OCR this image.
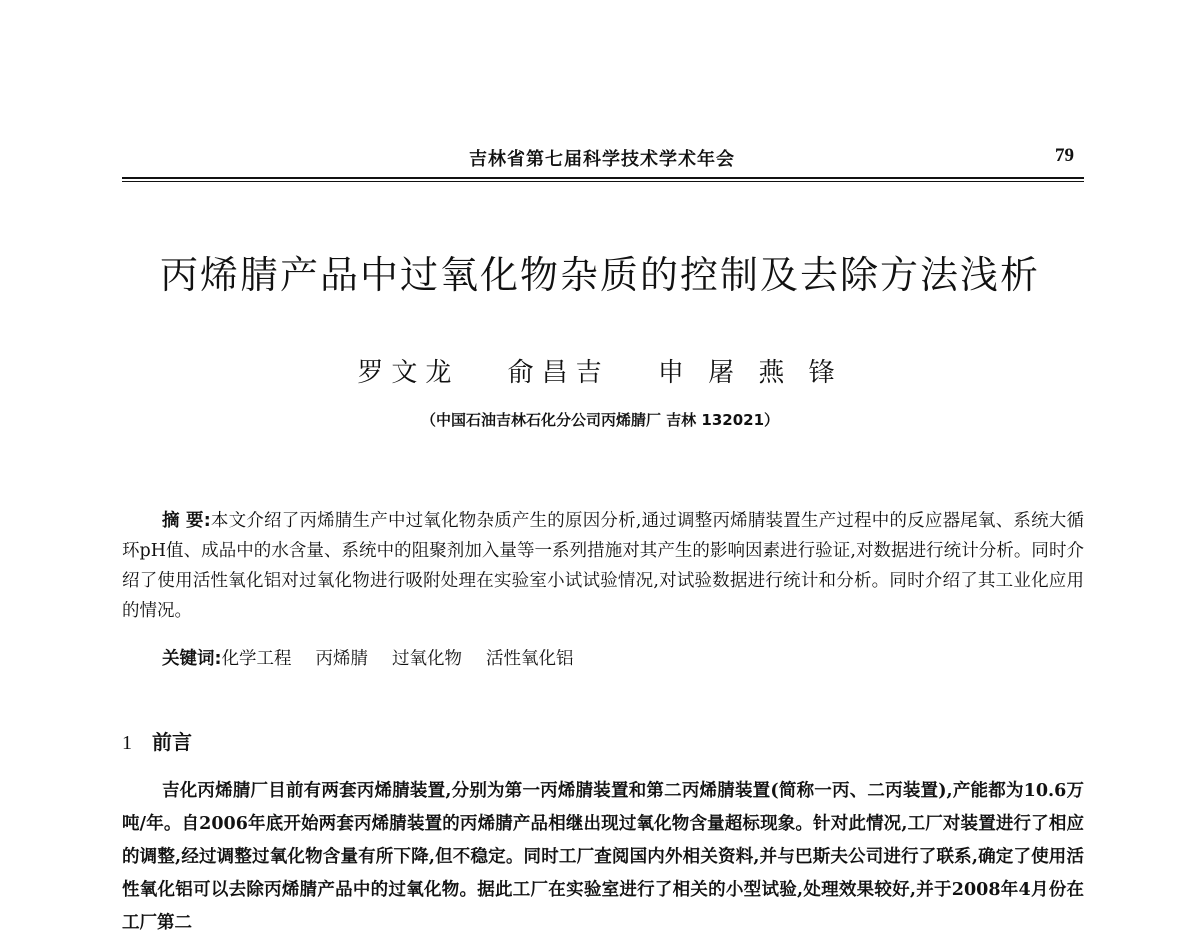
吉林省第七届科学技术学术年会	79
丙烯腈产品中过氧化物杂质的控制及去除方法浅析
罗文龙 俞昌吉 申 屠 燕 锋
（中国石油吉林石化分公司丙烯腈厂 吉林 132021）
摘 要:本文介绍了丙烯腈生产中过氧化物杂质产生的原因分析,通过调整丙烯腈装置生产过程中的反应器尾氧、系统大循环pH值、成品中的水含量、系统中的阻聚剂加入量等一系列措施对其产生的影响因素进行验证,对数据进行统计分析。同时介绍了使用活性氧化铝对过氧化物进行吸附处理在实验室小试试验情况,对试验数据进行统计和分析。同时介绍了其工业化应用的情况。
关键词:化学工程 丙烯腈 过氧化物 活性氧化铝
1 前言
吉化丙烯腈厂目前有两套丙烯腈装置,分别为第一丙烯腈装置和第二丙烯腈装置(简称一丙、二丙装置),产能都为10.6万吨/年。自2006年底开始两套丙烯腈装置的丙烯腈产品相继出现过氧化物含量超标现象。针对此情况,工厂对装置进行了相应的调整,经过调整过氧化物含量有所下降,但不稳定。同时工厂查阅国内外相关资料,并与巴斯夫公司进行了联系,确定了使用活性氧化铝可以去除丙烯腈产品中的过氧化物。据此工厂在实验室进行了相关的小型试验,处理效果较好,并于2008年4月份在工厂第二
